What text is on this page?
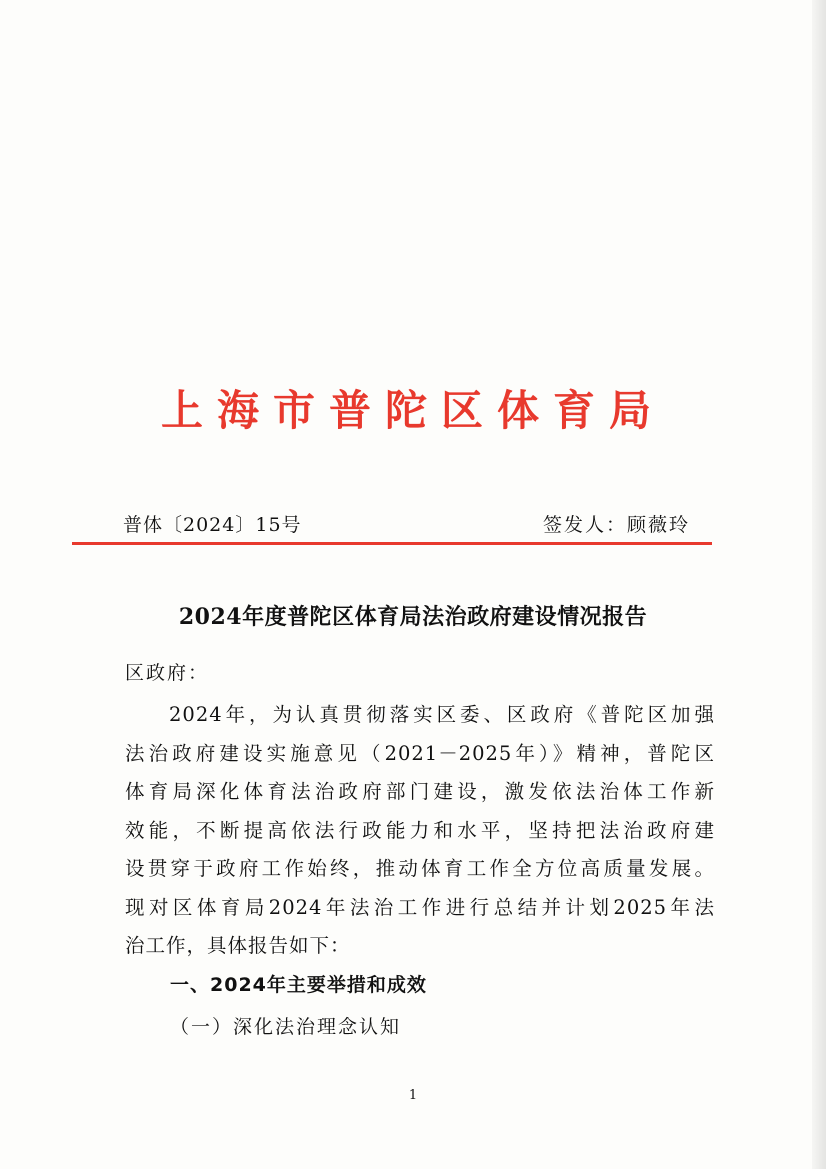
上海市普陀区体育局
普体〔2024〕15号	签发人：顾薇玲
2024年度普陀区体育局法治政府建设情况报告
区政府：
2024年，为认真贯彻落实区委、区政府《普陀区加强
法治政府建设实施意见（2021－2025年）》精神，普陀区
体育局深化体育法治政府部门建设，激发依法治体工作新
效能，不断提高依法行政能力和水平，坚持把法治政府建
设贯穿于政府工作始终，推动体育工作全方位高质量发展。
现对区体育局2024年法治工作进行总结并计划2025年法
治工作，具体报告如下：
一、2024年主要举措和成效
（一）深化法治理念认知
1
